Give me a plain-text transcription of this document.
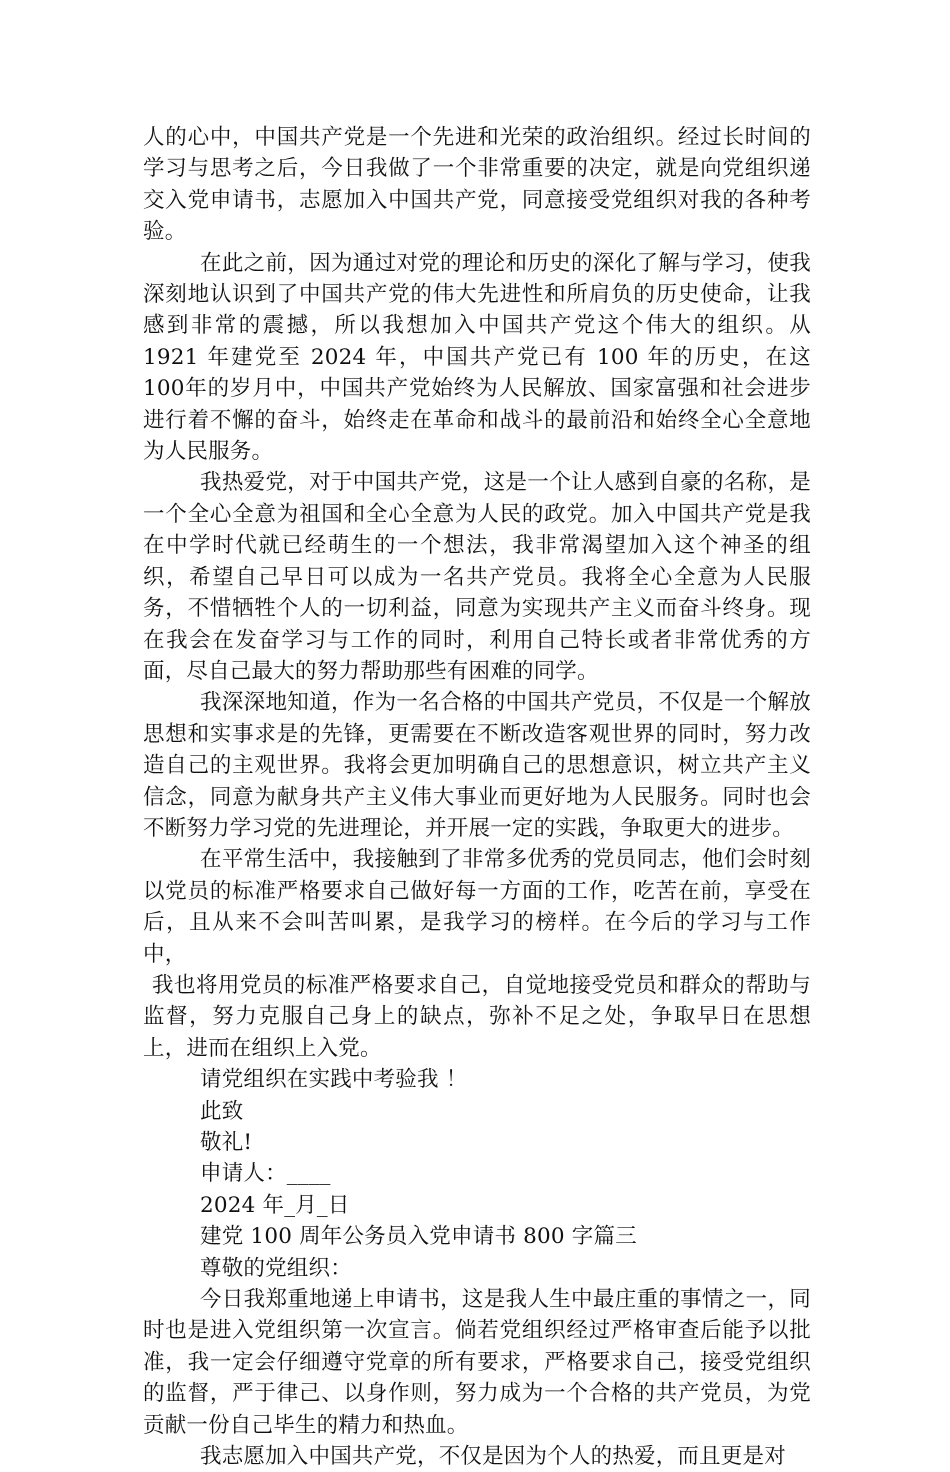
人的心中，中国共产党是一个先进和光荣的政治组织。经过长时间的学习与思考之后，今日我做了一个非常重要的决定，就是向党组织递交入党申请书，志愿加入中国共产党，同意接受党组织对我的各种考验。

在此之前，因为通过对党的理论和历史的深化了解与学习，使我深刻地认识到了中国共产党的伟大先进性和所肩负的历史使命，让我感到非常的震撼，所以我想加入中国共产党这个伟大的组织。从 1921 年建党至 2024 年，中国共产党已有 100 年的历史，在这 100年的岁月中，中国共产党始终为人民解放、国家富强和社会进步进行着不懈的奋斗，始终走在革命和战斗的最前沿和始终全心全意地为人民服务。

我热爱党，对于中国共产党，这是一个让人感到自豪的名称，是一个全心全意为祖国和全心全意为人民的政党。加入中国共产党是我在中学时代就已经萌生的一个想法，我非常渴望加入这个神圣的组织，希望自己早日可以成为一名共产党员。我将全心全意为人民服务，不惜牺牲个人的一切利益，同意为实现共产主义而奋斗终身。现在我会在发奋学习与工作的同时，利用自己特长或者非常优秀的方面，尽自己最大的努力帮助那些有困难的同学。

我深深地知道，作为一名合格的中国共产党员，不仅是一个解放思想和实事求是的先锋，更需要在不断改造客观世界的同时，努力改造自己的主观世界。我将会更加明确自己的思想意识，树立共产主义信念，同意为献身共产主义伟大事业而更好地为人民服务。同时也会不断努力学习党的先进理论，并开展一定的实践，争取更大的进步。

在平常生活中，我接触到了非常多优秀的党员同志，他们会时刻以党员的标准严格要求自己做好每一方面的工作，吃苦在前，享受在后，且从来不会叫苦叫累，是我学习的榜样。在今后的学习与工作中，

我也将用党员的标准严格要求自己，自觉地接受党员和群众的帮助与监督，努力克服自己身上的缺点，弥补不足之处，争取早日在思想上，进而在组织上入党。

请党组织在实践中考验我 ！

此致

敬礼!

申请人：____

2024 年_月_日

建党 100 周年公务员入党申请书 800 字篇三

尊敬的党组织：

今日我郑重地递上申请书，这是我人生中最庄重的事情之一，同时也是进入党组织第一次宣言。倘若党组织经过严格审查后能予以批准，我一定会仔细遵守党章的所有要求，严格要求自己，接受党组织的监督，严于律己、以身作则，努力成为一个合格的共产党员，为党贡献一份自己毕生的精力和热血。

我志愿加入中国共产党，不仅是因为个人的热爱，而且更是对
